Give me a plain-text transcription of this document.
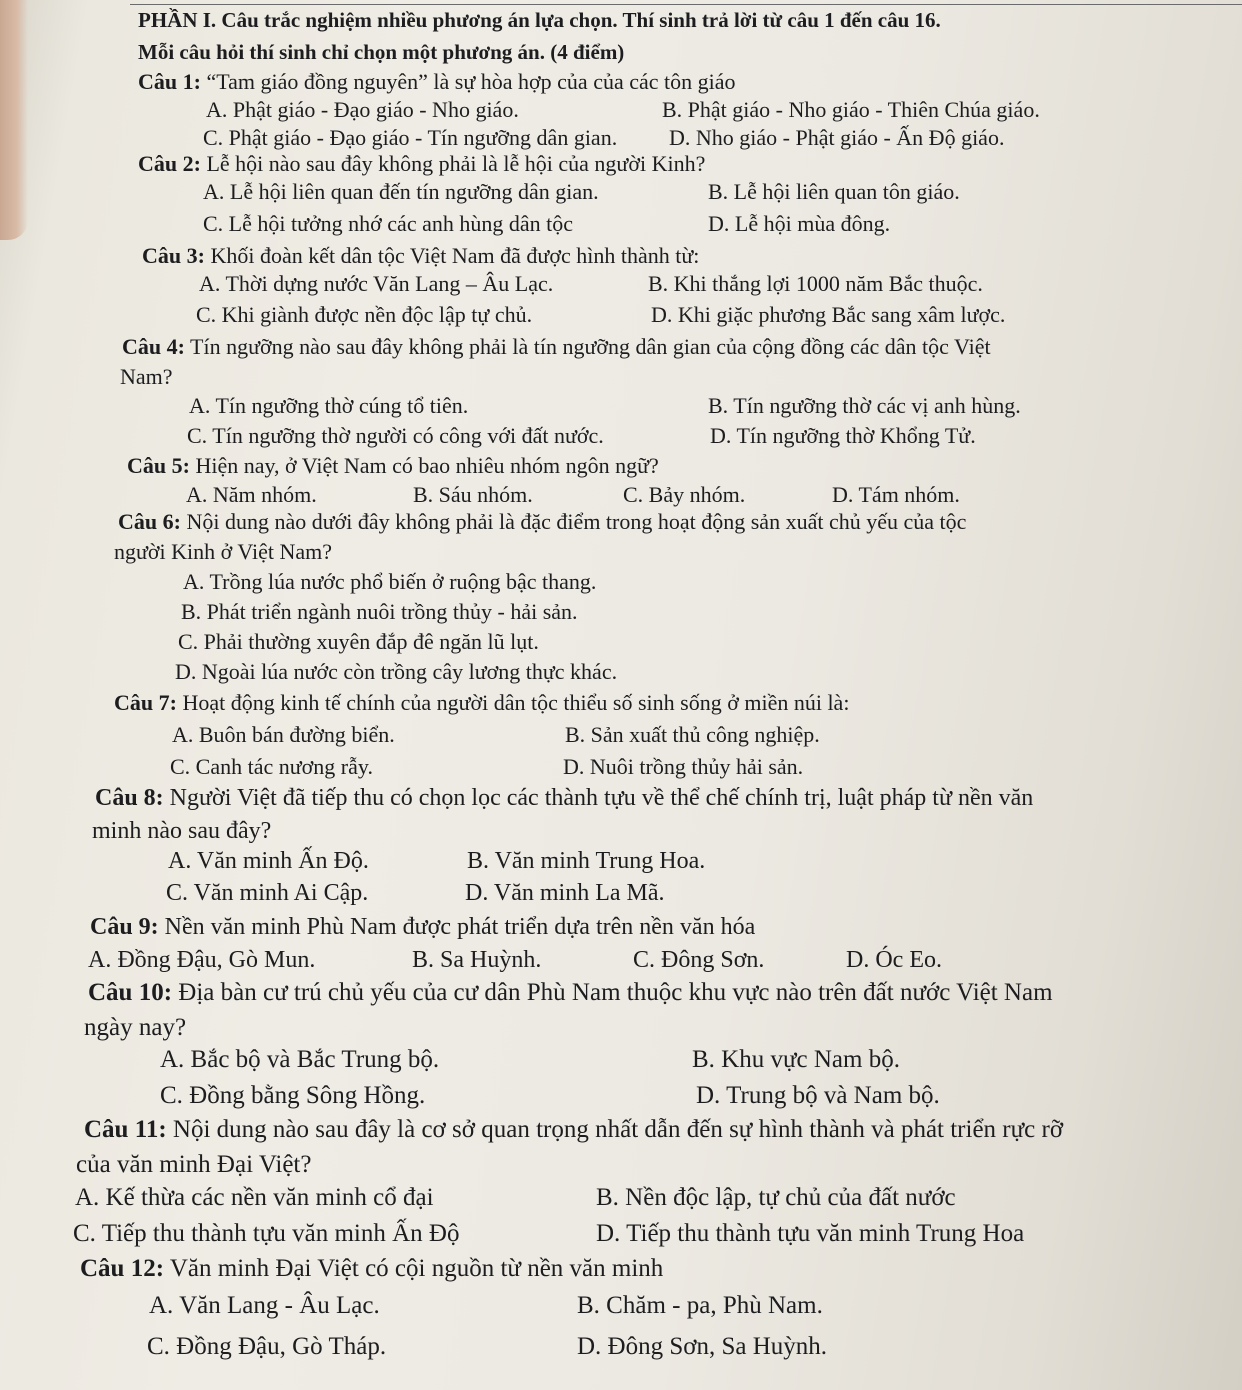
PHẦN I. Câu trắc nghiệm nhiều phương án lựa chọn. Thí sinh trả lời từ câu 1 đến câu 16.
Mỗi câu hỏi thí sinh chỉ chọn một phương án. (4 điểm)
Câu 1: “Tam giáo đồng nguyên” là sự hòa hợp của của các tôn giáo
A. Phật giáo - Đạo giáo - Nho giáo.	B. Phật giáo - Nho giáo - Thiên Chúa giáo.
C. Phật giáo - Đạo giáo - Tín ngưỡng dân gian. D. Nho giáo - Phật giáo - Ấn Độ giáo.
Câu 2: Lễ hội nào sau đây không phải là lễ hội của người Kinh?
A. Lễ hội liên quan đến tín ngưỡng dân gian.	B. Lễ hội liên quan tôn giáo.
C. Lễ hội tưởng nhớ các anh hùng dân tộc	D. Lễ hội mùa đông.
Câu 3: Khối đoàn kết dân tộc Việt Nam đã được hình thành từ:
A. Thời dựng nước Văn Lang – Âu Lạc.	B. Khi thắng lợi 1000 năm Bắc thuộc.
C. Khi giành được nền độc lập tự chủ.	D. Khi giặc phương Bắc sang xâm lược.
Câu 4: Tín ngưỡng nào sau đây không phải là tín ngưỡng dân gian của cộng đồng các dân tộc Việt
Nam?
A. Tín ngưỡng thờ cúng tổ tiên.	B. Tín ngưỡng thờ các vị anh hùng.
C. Tín ngưỡng thờ người có công với đất nước.	D. Tín ngưỡng thờ Khổng Tử.
Câu 5: Hiện nay, ở Việt Nam có bao nhiêu nhóm ngôn ngữ?
A. Năm nhóm.	B. Sáu nhóm.	C. Bảy nhóm.	D. Tám nhóm.
Câu 6: Nội dung nào dưới đây không phải là đặc điểm trong hoạt động sản xuất chủ yếu của tộc
người Kinh ở Việt Nam?
A. Trồng lúa nước phổ biến ở ruộng bậc thang.
B. Phát triển ngành nuôi trồng thủy - hải sản.
C. Phải thường xuyên đắp đê ngăn lũ lụt.
D. Ngoài lúa nước còn trồng cây lương thực khác.
Câu 7: Hoạt động kinh tế chính của người dân tộc thiểu số sinh sống ở miền núi là:
A. Buôn bán đường biển.	B. Sản xuất thủ công nghiệp.
C. Canh tác nương rẫy.	D. Nuôi trồng thủy hải sản.
Câu 8: Người Việt đã tiếp thu có chọn lọc các thành tựu về thể chế chính trị, luật pháp từ nền văn
minh nào sau đây?
A. Văn minh Ấn Độ.	B. Văn minh Trung Hoa.
C. Văn minh Ai Cập.	D. Văn minh La Mã.
Câu 9: Nền văn minh Phù Nam được phát triển dựa trên nền văn hóa
A. Đồng Đậu, Gò Mun.	B. Sa Huỳnh.	C. Đông Sơn.	D. Óc Eo.
Câu 10: Địa bàn cư trú chủ yếu của cư dân Phù Nam thuộc khu vực nào trên đất nước Việt Nam
ngày nay?
A. Bắc bộ và Bắc Trung bộ.	B. Khu vực Nam bộ.
C. Đồng bằng Sông Hồng.	D. Trung bộ và Nam bộ.
Câu 11: Nội dung nào sau đây là cơ sở quan trọng nhất dẫn đến sự hình thành và phát triển rực rỡ
của văn minh Đại Việt?
A. Kế thừa các nền văn minh cổ đại	B. Nền độc lập, tự chủ của đất nước
C. Tiếp thu thành tựu văn minh Ấn Độ	D. Tiếp thu thành tựu văn minh Trung Hoa
Câu 12: Văn minh Đại Việt có cội nguồn từ nền văn minh
A. Văn Lang - Âu Lạc.	B. Chăm - pa, Phù Nam.
C. Đồng Đậu, Gò Tháp.	D. Đông Sơn, Sa Huỳnh.
